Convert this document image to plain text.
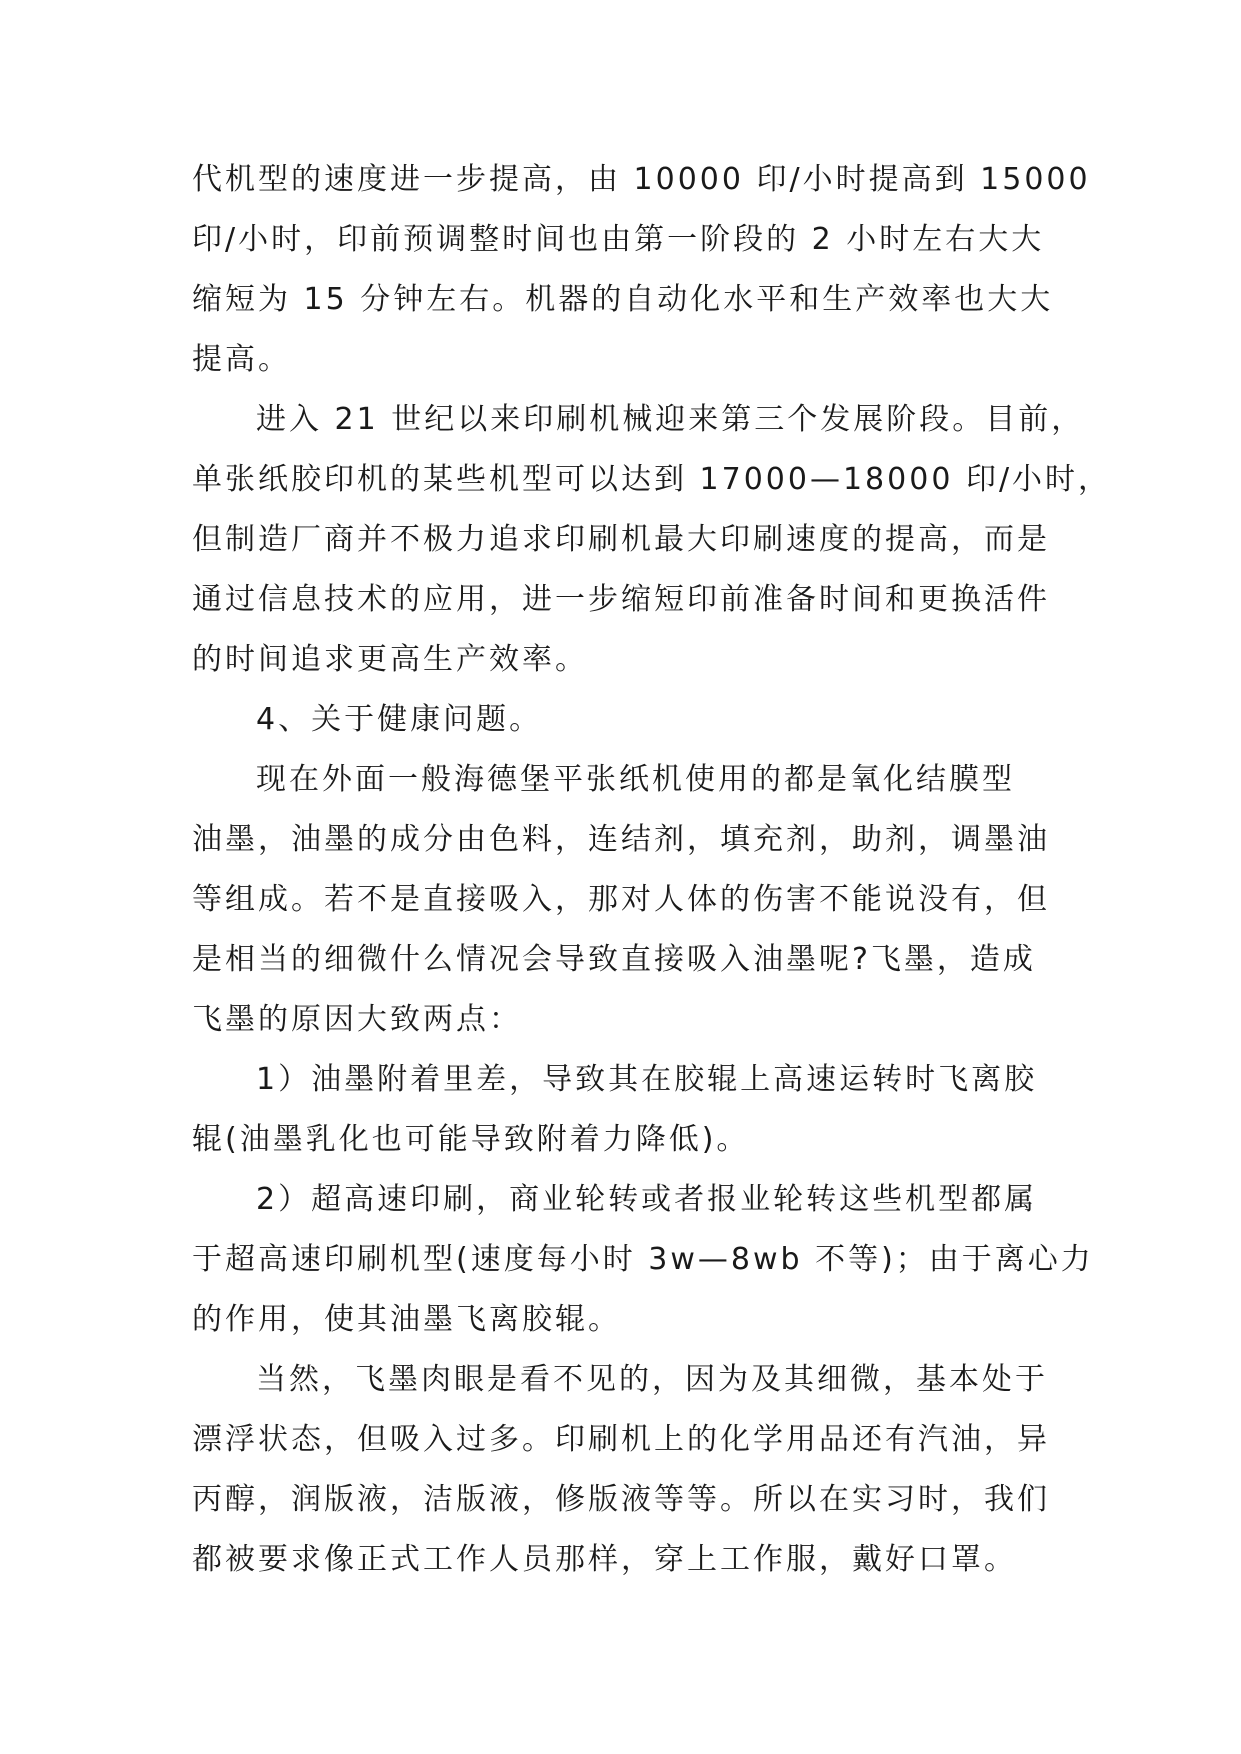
代机型的速度进一步提高，由 10000 印/小时提高到 15000
印/小时，印前预调整时间也由第一阶段的 2 小时左右大大
缩短为 15 分钟左右。机器的自动化水平和生产效率也大大
提高。
进入 21 世纪以来印刷机械迎来第三个发展阶段。目前，
单张纸胶印机的某些机型可以达到 17000—18000 印/小时，
但制造厂商并不极力追求印刷机最大印刷速度的提高，而是
通过信息技术的应用，进一步缩短印前准备时间和更换活件
的时间追求更高生产效率。
4、关于健康问题。
现在外面一般海德堡平张纸机使用的都是氧化结膜型
油墨，油墨的成分由色料，连结剂，填充剂，助剂，调墨油
等组成。若不是直接吸入，那对人体的伤害不能说没有，但
是相当的细微什么情况会导致直接吸入油墨呢?飞墨，造成
飞墨的原因大致两点：
1）油墨附着里差，导致其在胶辊上高速运转时飞离胶
辊(油墨乳化也可能导致附着力降低)。
2）超高速印刷，商业轮转或者报业轮转这些机型都属
于超高速印刷机型(速度每小时 3w—8wb 不等)；由于离心力
的作用，使其油墨飞离胶辊。
当然，飞墨肉眼是看不见的，因为及其细微，基本处于
漂浮状态，但吸入过多。印刷机上的化学用品还有汽油，异
丙醇，润版液，洁版液，修版液等等。所以在实习时，我们
都被要求像正式工作人员那样，穿上工作服，戴好口罩。
